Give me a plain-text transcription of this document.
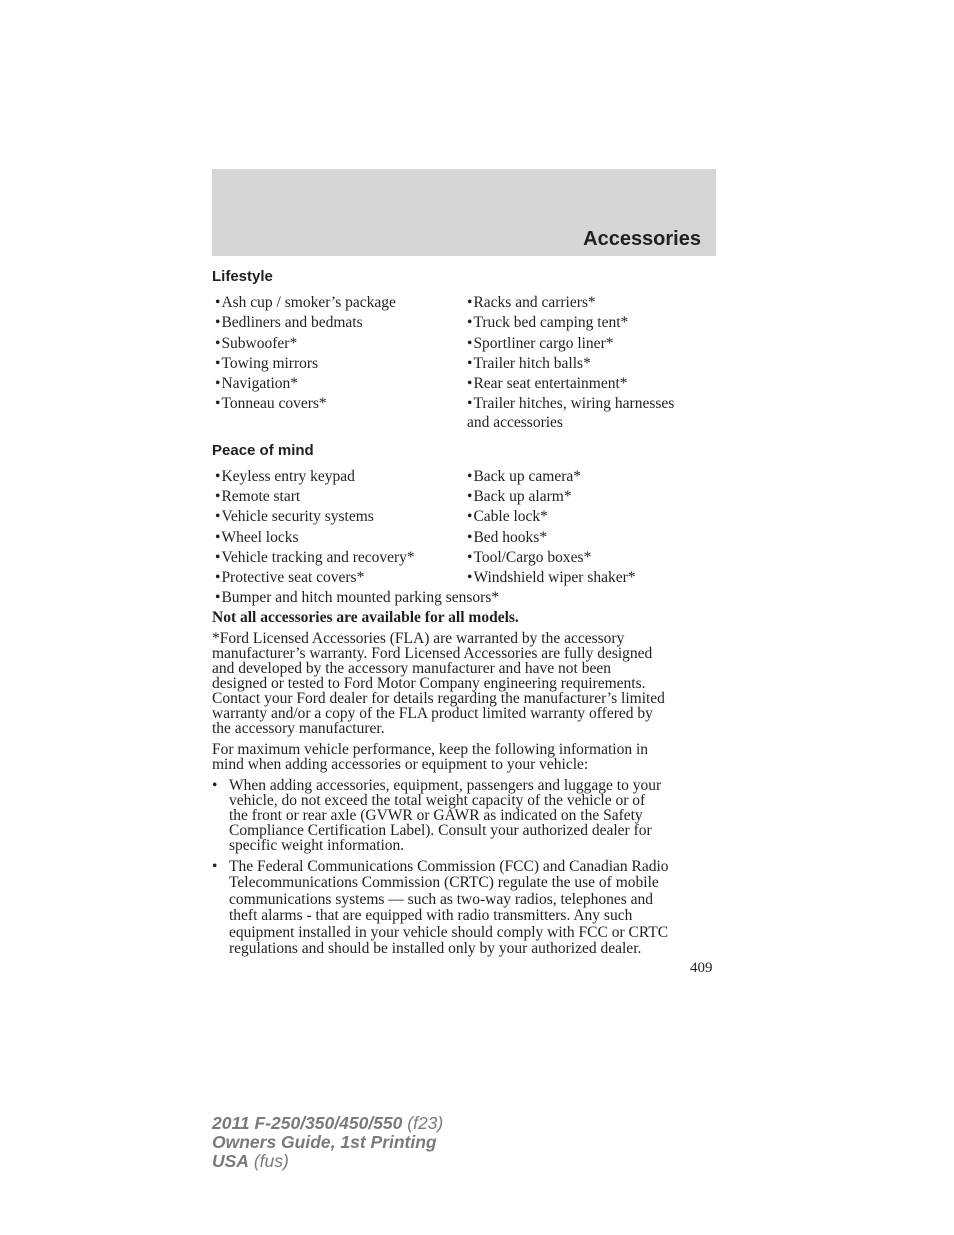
Accessories
Lifestyle
•Ash cup / smoker’s package
•Bedliners and bedmats
•Subwoofer*
•Towing mirrors
•Navigation*
•Tonneau covers*
•Racks and carriers*
•Truck bed camping tent*
•Sportliner cargo liner*
•Trailer hitch balls*
•Rear seat entertainment*
•Trailer hitches, wiring harnesses
and accessories
Peace of mind
•Keyless entry keypad
•Remote start
•Vehicle security systems
•Wheel locks
•Vehicle tracking and recovery*
•Protective seat covers*
•Bumper and hitch mounted parking sensors*
•Back up camera*
•Back up alarm*
•Cable lock*
•Bed hooks*
•Tool/Cargo boxes*
•Windshield wiper shaker*
Not all accessories are available for all models.
*Ford Licensed Accessories (FLA) are warranted by the accessory
manufacturer’s warranty. Ford Licensed Accessories are fully designed
and developed by the accessory manufacturer and have not been
designed or tested to Ford Motor Company engineering requirements.
Contact your Ford dealer for details regarding the manufacturer’s limited
warranty and/or a copy of the FLA product limited warranty offered by
the accessory manufacturer.
For maximum vehicle performance, keep the following information in
mind when adding accessories or equipment to your vehicle:
• When adding accessories, equipment, passengers and luggage to your
vehicle, do not exceed the total weight capacity of the vehicle or of
the front or rear axle (GVWR or GAWR as indicated on the Safety
Compliance Certification Label). Consult your authorized dealer for
specific weight information.
• The Federal Communications Commission (FCC) and Canadian Radio
Telecommunications Commission (CRTC) regulate the use of mobile
communications systems — such as two-way radios, telephones and
theft alarms - that are equipped with radio transmitters. Any such
equipment installed in your vehicle should comply with FCC or CRTC
regulations and should be installed only by your authorized dealer.
409
2011 F-250/350/450/550 (f23)
Owners Guide, 1st Printing
USA (fus)
